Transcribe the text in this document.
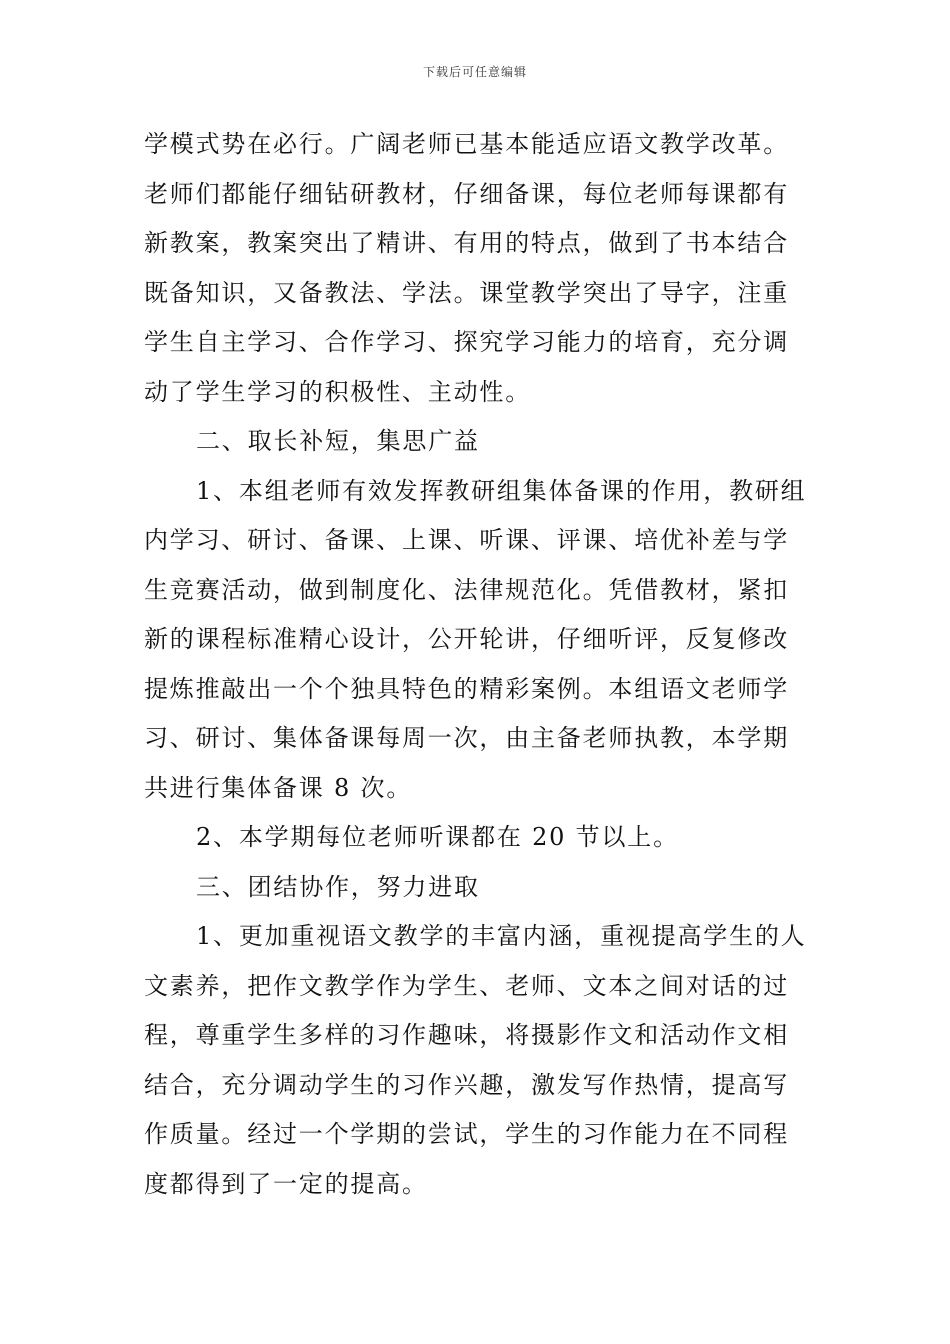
下载后可任意编辑
学模式势在必行。广阔老师已基本能适应语文教学改革。
老师们都能仔细钻研教材，仔细备课，每位老师每课都有
新教案，教案突出了精讲、有用的特点，做到了书本结合
既备知识，又备教法、学法。课堂教学突出了导字，注重
学生自主学习、合作学习、探究学习能力的培育，充分调
动了学生学习的积极性、主动性。
二、取长补短，集思广益
1、本组老师有效发挥教研组集体备课的作用，教研组
内学习、研讨、备课、上课、听课、评课、培优补差与学
生竞赛活动，做到制度化、法律规范化。凭借教材，紧扣
新的课程标准精心设计，公开轮讲，仔细听评，反复修改
提炼推敲出一个个独具特色的精彩案例。本组语文老师学
习、研讨、集体备课每周一次，由主备老师执教，本学期
共进行集体备课 8 次。
2、本学期每位老师听课都在 20 节以上。
三、团结协作，努力进取
1、更加重视语文教学的丰富内涵，重视提高学生的人
文素养，把作文教学作为学生、老师、文本之间对话的过
程，尊重学生多样的习作趣味，将摄影作文和活动作文相
结合，充分调动学生的习作兴趣，激发写作热情，提高写
作质量。经过一个学期的尝试，学生的习作能力在不同程
度都得到了一定的提高。
